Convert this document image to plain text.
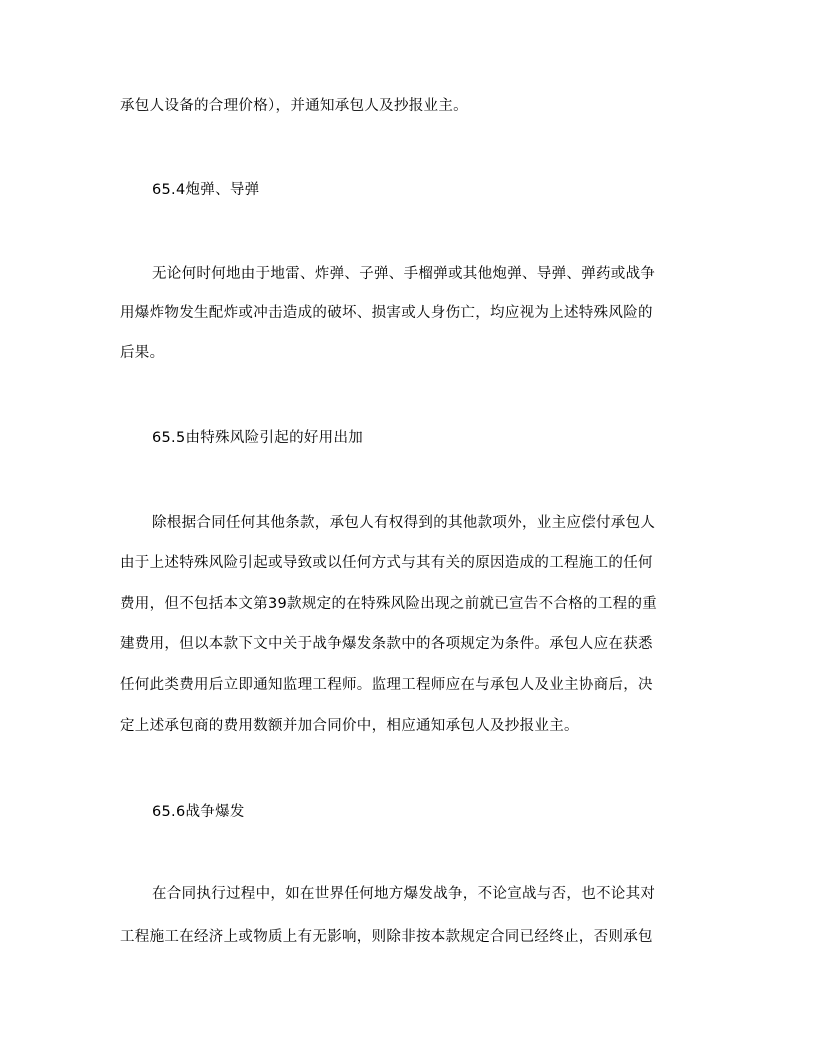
承包人设备的合理价格），并通知承包人及抄报业主。
65.4炮弹、导弹
无论何时何地由于地雷、炸弹、子弹、手榴弹或其他炮弹、导弹、弹药或战争
用爆炸物发生配炸或冲击造成的破坏、损害或人身伤亡，均应视为上述特殊风险的
后果。
65.5由特殊风险引起的好用出加
除根据合同任何其他条款，承包人有权得到的其他款项外，业主应偿付承包人
由于上述特殊风险引起或导致或以任何方式与其有关的原因造成的工程施工的任何
费用，但不包括本文第39款规定的在特殊风险出现之前就已宣告不合格的工程的重
建费用，但以本款下文中关于战争爆发条款中的各项规定为条件。承包人应在获悉
任何此类费用后立即通知监理工程师。监理工程师应在与承包人及业主协商后，决
定上述承包商的费用数额并加合同价中，相应通知承包人及抄报业主。
65.6战争爆发
在合同执行过程中，如在世界任何地方爆发战争，不论宣战与否，也不论其对
工程施工在经济上或物质上有无影响，则除非按本款规定合同已经终止，否则承包
